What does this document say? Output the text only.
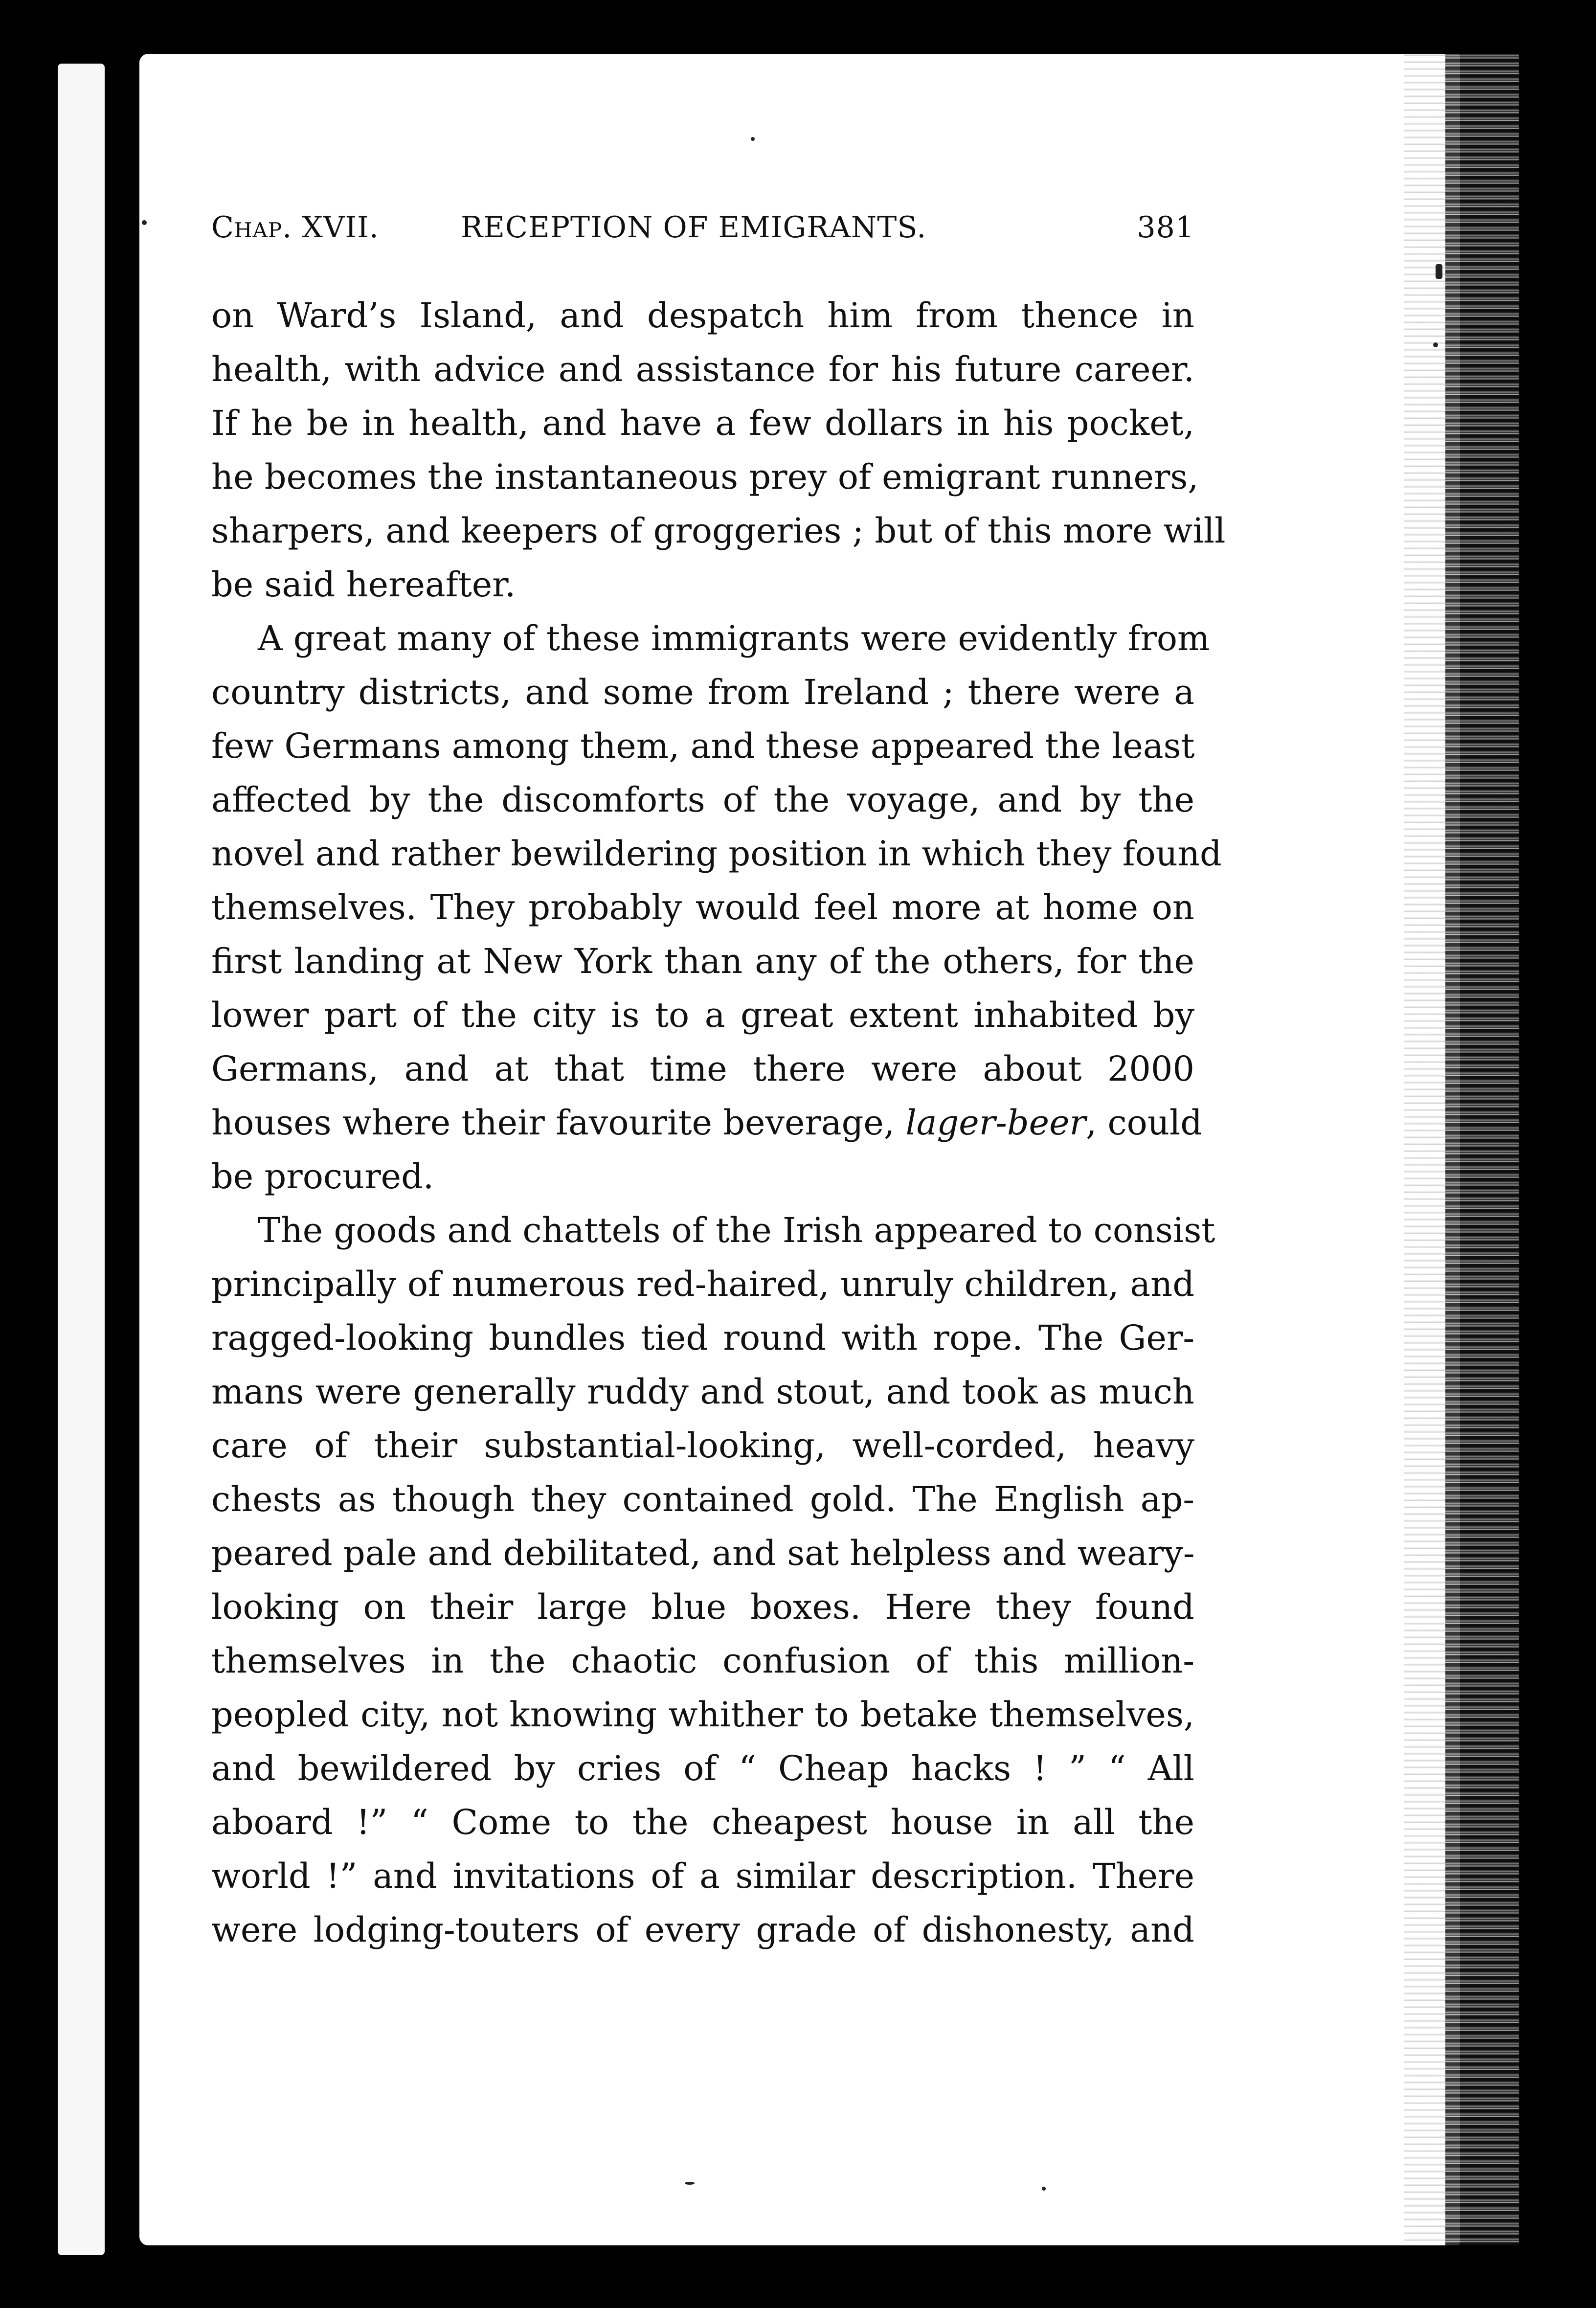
Chap. XVII.	RECEPTION OF EMIGRANTS.	381
on Ward’s Island, and despatch him from thence in
health, with advice and assistance for his future career.
If he be in health, and have a few dollars in his pocket,
he becomes the instantaneous prey of emigrant runners,
sharpers, and keepers of groggeries ; but of this more will
be said hereafter.
A great many of these immigrants were evidently from
country districts, and some from Ireland ; there were a
few Germans among them, and these appeared the least
affected by the discomforts of the voyage, and by the
novel and rather bewildering position in which they found
themselves. They probably would feel more at home on
first landing at New York than any of the others, for the
lower part of the city is to a great extent inhabited by
Germans, and at that time there were about 2000
houses where their favourite beverage, lager-beer, could
be procured.
The goods and chattels of the Irish appeared to consist
principally of numerous red-haired, unruly children, and
ragged-looking bundles tied round with rope. The Ger-
mans were generally ruddy and stout, and took as much
care of their substantial-looking, well-corded, heavy
chests as though they contained gold. The English ap-
peared pale and debilitated, and sat helpless and weary-
looking on their large blue boxes. Here they found
themselves in the chaotic confusion of this million-
peopled city, not knowing whither to betake themselves,
and bewildered by cries of “ Cheap hacks ! ” “ All
aboard !” “ Come to the cheapest house in all the
world !” and invitations of a similar description. There
were lodging-touters of every grade of dishonesty, and
